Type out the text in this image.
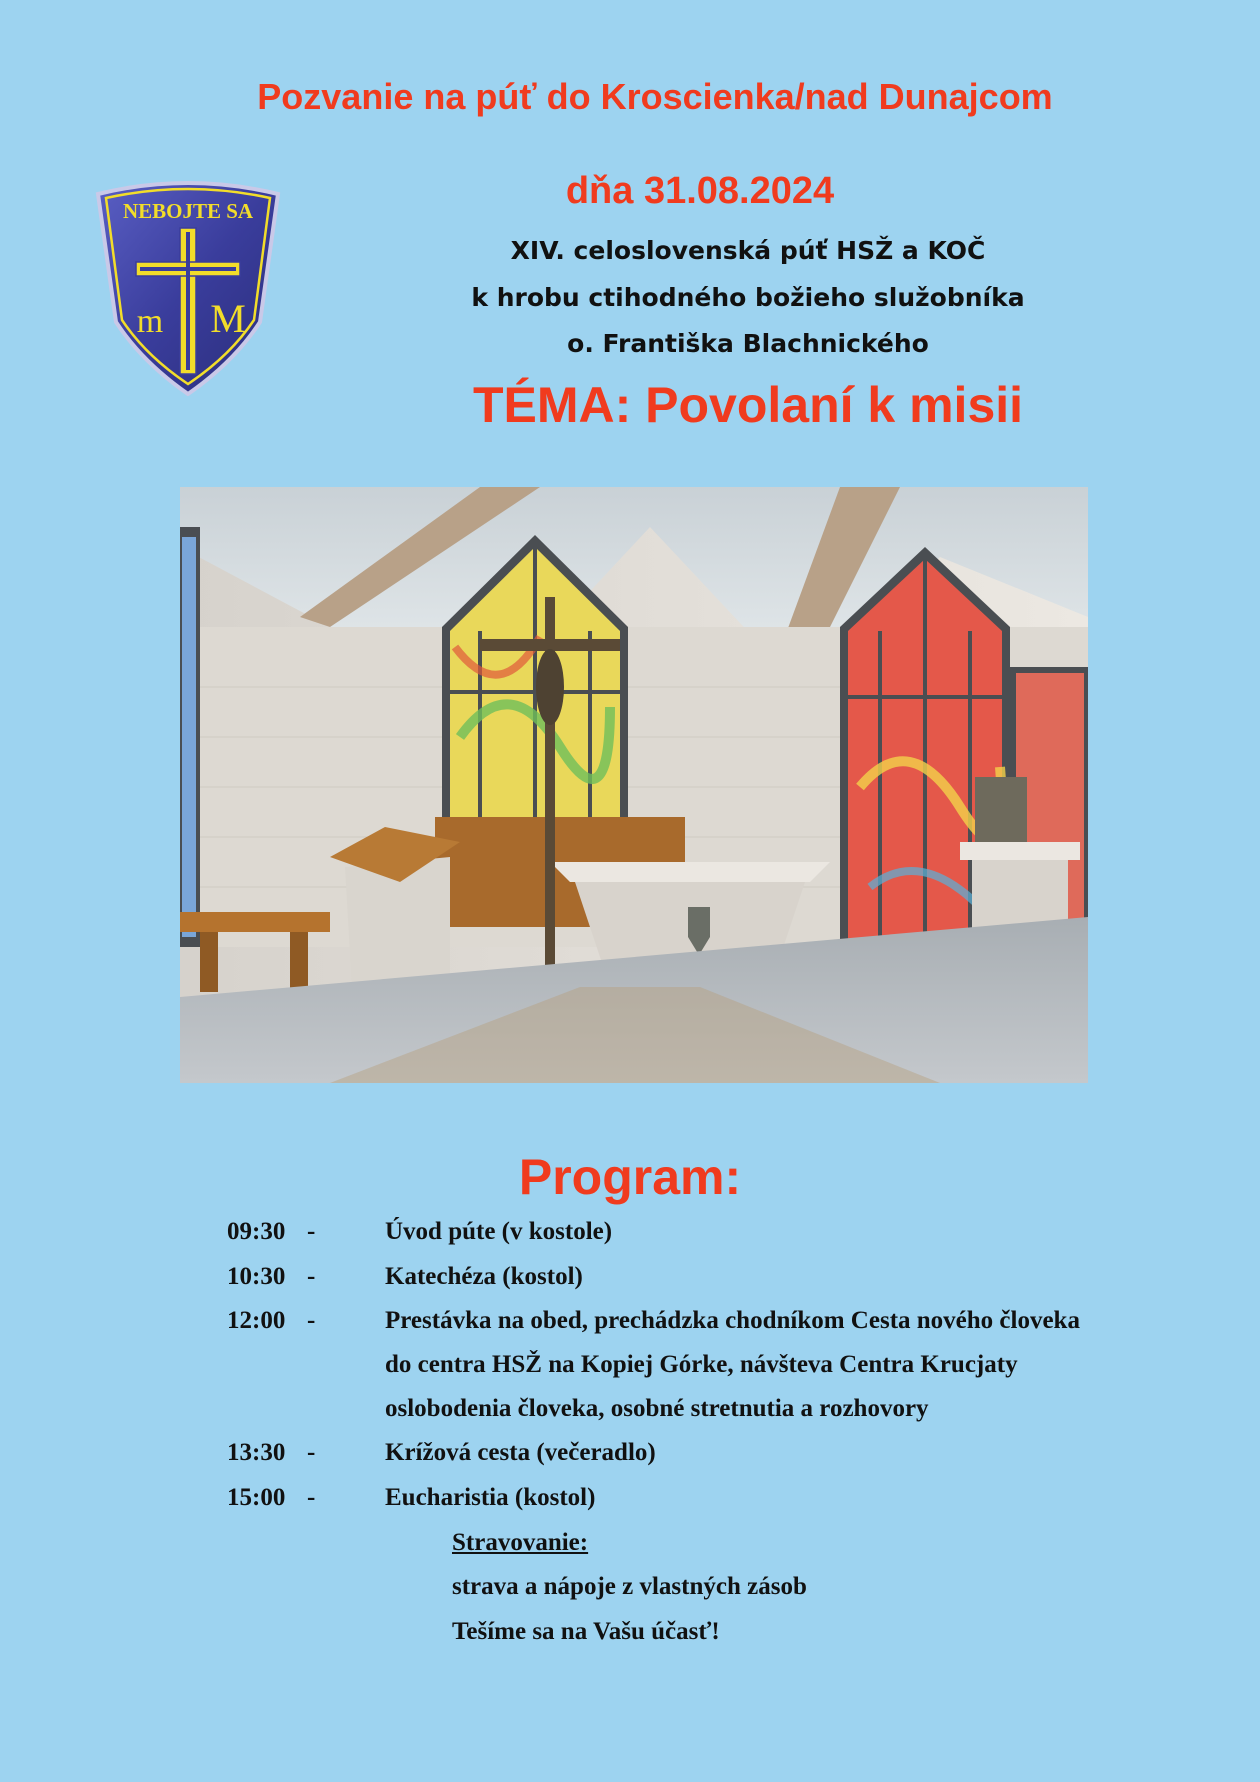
Pozvanie na púť do Kroscienka/nad Dunajcom
NEBOJTE SA
m M
dňa 31.08.2024
XIV. celoslovenská púť HSŽ a KOČ
k hrobu ctihodného božieho služobníka
o. Františka Blachnického
TÉMA: Povolaní k misii
Program:
09:30 -	Úvod púte (v kostole)
10:30 -	Katechéza (kostol)
12:00 -	Prestávka na obed, prechádzka chodníkom Cesta nového človeka
do centra HSŽ na Kopiej Górke, návšteva Centra Krucjaty
oslobodenia človeka, osobné stretnutia a rozhovory
13:30 -	Krížová cesta (večeradlo)
15:00 -	Eucharistia (kostol)
Stravovanie:
strava a nápoje z vlastných zásob
Tešíme sa na Vašu účasť!
